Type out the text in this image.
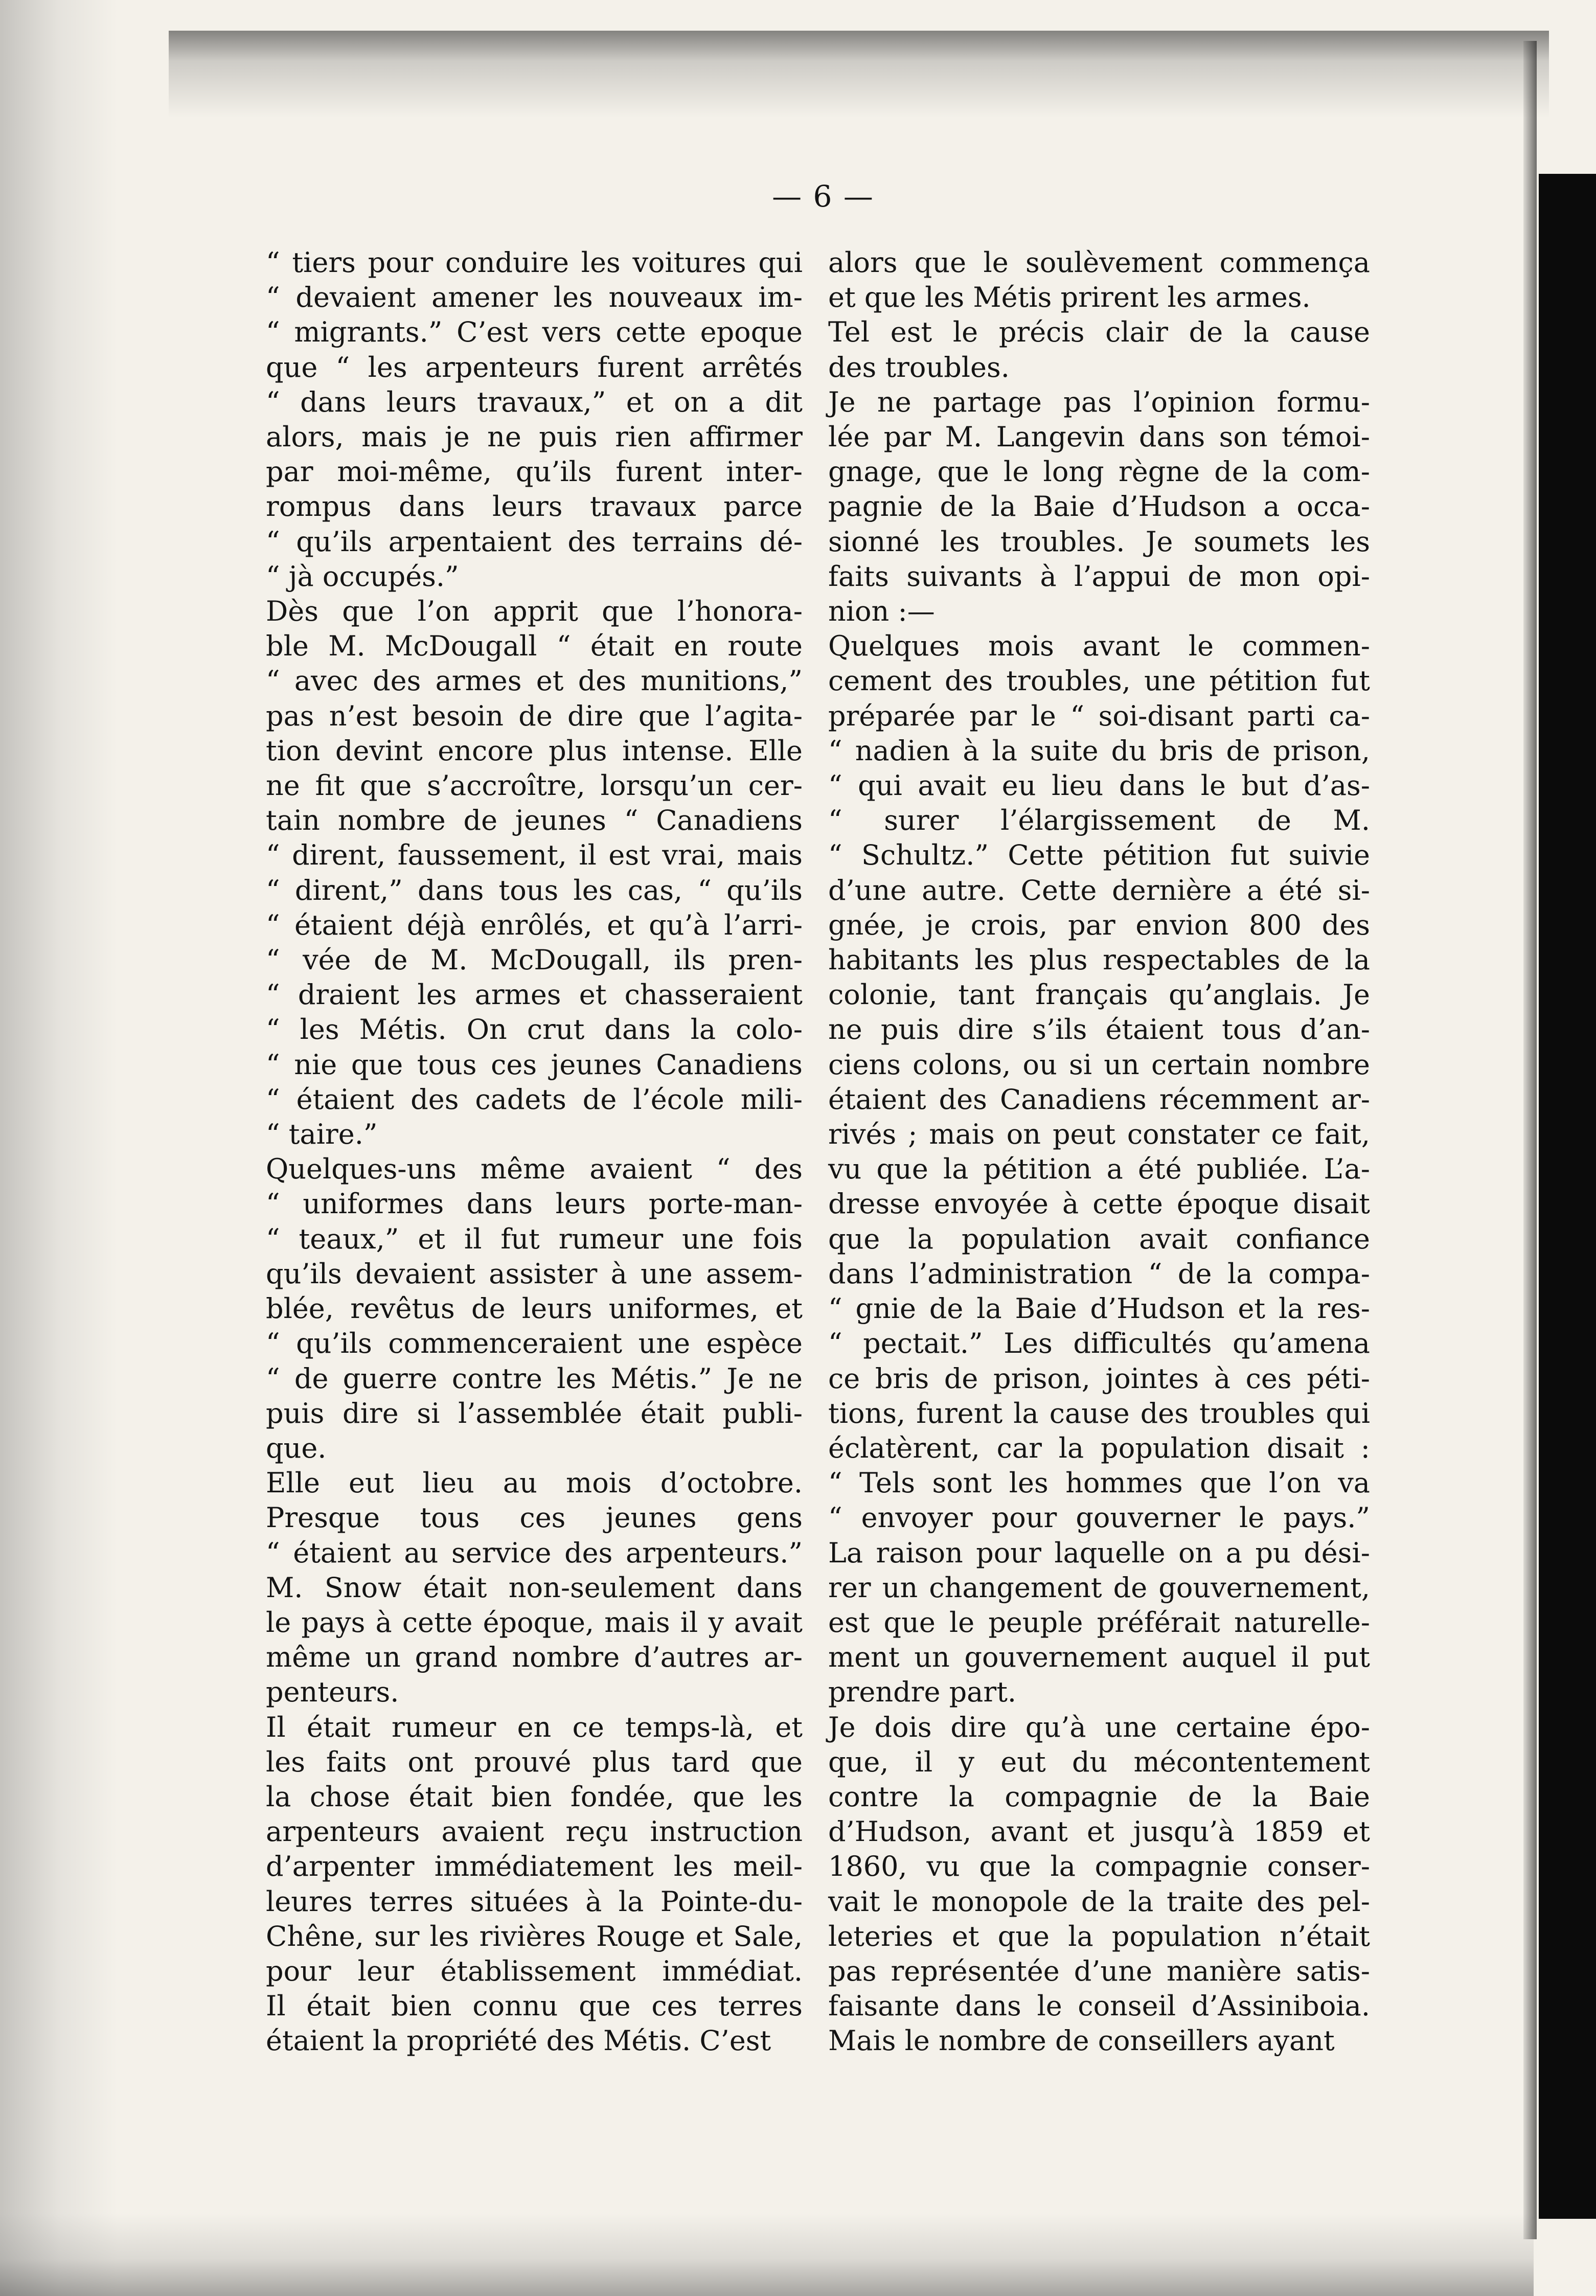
— 6 —
“ tiers pour conduire les voitures qui
“ devaient amener les nouveaux im-
“ migrants.” C’est vers cette epoque
que “ les arpenteurs furent arrêtés
“ dans leurs travaux,” et on a dit
alors, mais je ne puis rien affirmer
par moi-même, qu’ils furent inter-
rompus dans leurs travaux parce
“ qu’ils arpentaient des terrains dé-
“ jà occupés.”
Dès que l’on apprit que l’honora-
ble M. McDougall “ était en route
“ avec des armes et des munitions,”
pas n’est besoin de dire que l’agita-
tion devint encore plus intense. Elle
ne fit que s’accroître, lorsqu’un cer-
tain nombre de jeunes “ Canadiens
“ dirent, faussement, il est vrai, mais
“ dirent,” dans tous les cas, “ qu’ils
“ étaient déjà enrôlés, et qu’à l’arri-
“ vée de M. McDougall, ils pren-
“ draient les armes et chasseraient
“ les Métis. On crut dans la colo-
“ nie que tous ces jeunes Canadiens
“ étaient des cadets de l’école mili-
“ taire.”
Quelques-uns même avaient “ des
“ uniformes dans leurs porte-man-
“ teaux,” et il fut rumeur une fois
qu’ils devaient assister à une assem-
blée, revêtus de leurs uniformes, et
“ qu’ils commenceraient une espèce
“ de guerre contre les Métis.” Je ne
puis dire si l’assemblée était publi-
que.
Elle eut lieu au mois d’octobre.
Presque tous ces jeunes gens
“ étaient au service des arpenteurs.”
M. Snow était non-seulement dans
le pays à cette époque, mais il y avait
même un grand nombre d’autres ar-
penteurs.
Il était rumeur en ce temps-là, et
les faits ont prouvé plus tard que
la chose était bien fondée, que les
arpenteurs avaient reçu instruction
d’arpenter immédiatement les meil-
leures terres situées à la Pointe-du-
Chêne, sur les rivières Rouge et Sale,
pour leur établissement immédiat.
Il était bien connu que ces terres
étaient la propriété des Métis. C’est
alors que le soulèvement commença
et que les Métis prirent les armes.
Tel est le précis clair de la cause
des troubles.
Je ne partage pas l’opinion formu-
lée par M. Langevin dans son témoi-
gnage, que le long règne de la com-
pagnie de la Baie d’Hudson a occa-
sionné les troubles. Je soumets les
faits suivants à l’appui de mon opi-
nion :—
Quelques mois avant le commen-
cement des troubles, une pétition fut
préparée par le “ soi-disant parti ca-
“ nadien à la suite du bris de prison,
“ qui avait eu lieu dans le but d’as-
“ surer l’élargissement de M.
“ Schultz.” Cette pétition fut suivie
d’une autre. Cette dernière a été si-
gnée, je crois, par envion 800 des
habitants les plus respectables de la
colonie, tant français qu’anglais. Je
ne puis dire s’ils étaient tous d’an-
ciens colons, ou si un certain nombre
étaient des Canadiens récemment ar-
rivés ; mais on peut constater ce fait,
vu que la pétition a été publiée. L’a-
dresse envoyée à cette époque disait
que la population avait confiance
dans l’administration “ de la compa-
“ gnie de la Baie d’Hudson et la res-
“ pectait.” Les difficultés qu’amena
ce bris de prison, jointes à ces péti-
tions, furent la cause des troubles qui
éclatèrent, car la population disait :
“ Tels sont les hommes que l’on va
“ envoyer pour gouverner le pays.”
La raison pour laquelle on a pu dési-
rer un changement de gouvernement,
est que le peuple préférait naturelle-
ment un gouvernement auquel il put
prendre part.
Je dois dire qu’à une certaine épo-
que, il y eut du mécontentement
contre la compagnie de la Baie
d’Hudson, avant et jusqu’à 1859 et
1860, vu que la compagnie conser-
vait le monopole de la traite des pel-
leteries et que la population n’était
pas représentée d’une manière satis-
faisante dans le conseil d’Assiniboia.
Mais le nombre de conseillers ayant
